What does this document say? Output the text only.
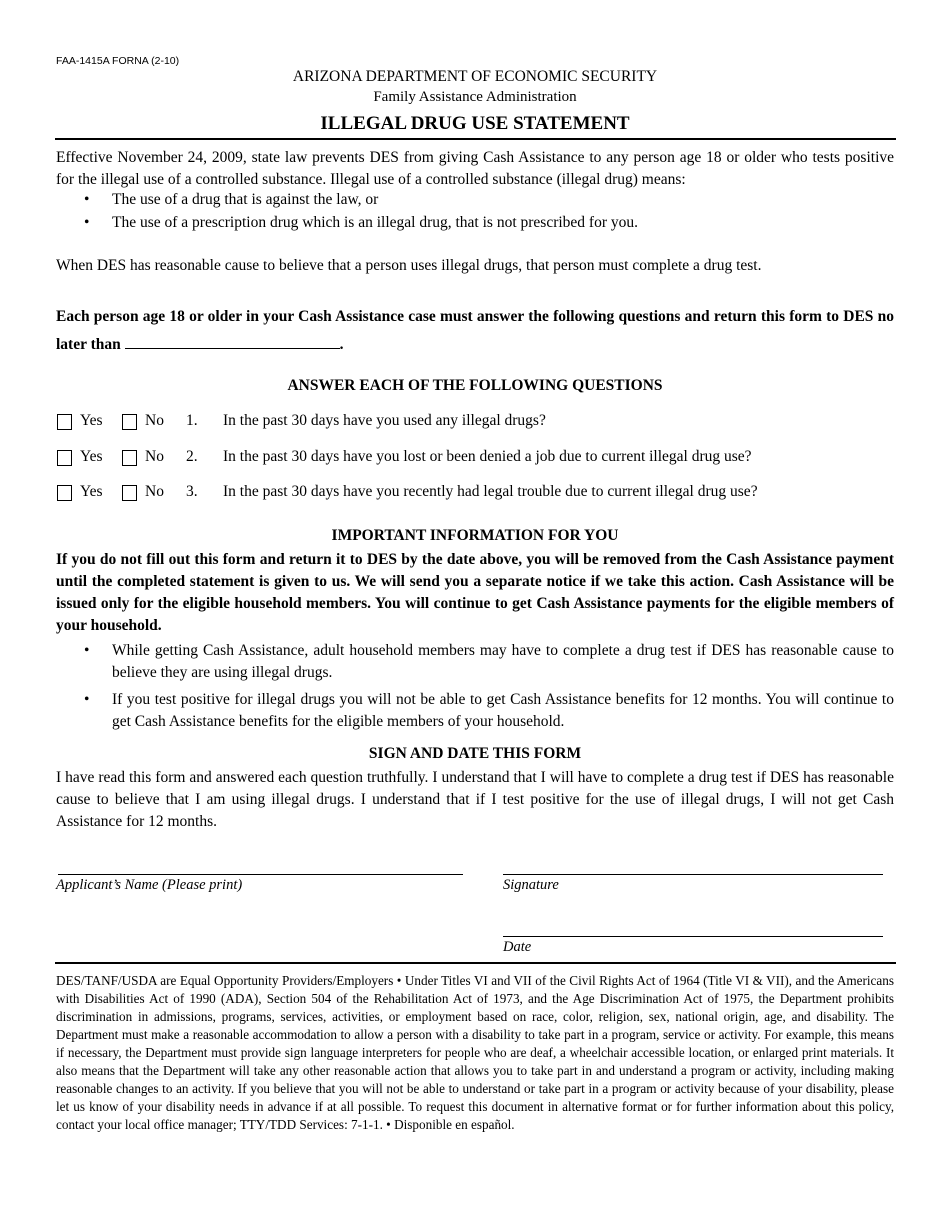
FAA-1415A FORNA (2-10)
ARIZONA DEPARTMENT OF ECONOMIC SECURITY
Family Assistance Administration
ILLEGAL DRUG USE STATEMENT
Effective November 24, 2009, state law prevents DES from giving Cash Assistance to any person age 18 or older who tests positive for the illegal use of a controlled substance. Illegal use of a controlled substance (illegal drug) means:
• The use of a drug that is against the law, or
• The use of a prescription drug which is an illegal drug, that is not prescribed for you.
When DES has reasonable cause to believe that a person uses illegal drugs, that person must complete a drug test.
Each person age 18 or older in your Cash Assistance case must answer the following questions and return this form to DES no later than	.
ANSWER EACH OF THE FOLLOWING QUESTIONS
Yes	No 1. In the past 30 days have you used any illegal drugs?
Yes	No 2. In the past 30 days have you lost or been denied a job due to current illegal drug use?
Yes	No 3. In the past 30 days have you recently had legal trouble due to current illegal drug use?
IMPORTANT INFORMATION FOR YOU
If you do not fill out this form and return it to DES by the date above, you will be removed from the Cash Assistance payment until the completed statement is given to us. We will send you a separate notice if we take this action. Cash Assistance will be issued only for the eligible household members. You will continue to get Cash Assistance payments for the eligible members of your household.
• While getting Cash Assistance, adult household members may have to complete a drug test if DES has reasonable cause to believe they are using illegal drugs.
• If you test positive for illegal drugs you will not be able to get Cash Assistance benefits for 12 months. You will continue to get Cash Assistance benefits for the eligible members of your household.
SIGN AND DATE THIS FORM
I have read this form and answered each question truthfully. I understand that I will have to complete a drug test if DES has reasonable cause to believe that I am using illegal drugs. I understand that if I test positive for the use of illegal drugs, I will not get Cash Assistance for 12 months.
Applicant’s Name (Please print)	Signature
Date
DES/TANF/USDA are Equal Opportunity Providers/Employers • Under Titles VI and VII of the Civil Rights Act of 1964 (Title VI & VII), and the Americans with Disabilities Act of 1990 (ADA), Section 504 of the Rehabilitation Act of 1973, and the Age Discrimination Act of 1975, the Department prohibits discrimination in admissions, programs, services, activities, or employment based on race, color, religion, sex, national origin, age, and disability. The Department must make a reasonable accommodation to allow a person with a disability to take part in a program, service or activity. For example, this means if necessary, the Department must provide sign language interpreters for people who are deaf, a wheelchair accessible location, or enlarged print materials. It also means that the Department will take any other reasonable action that allows you to take part in and understand a program or activity, including making reasonable changes to an activity. If you believe that you will not be able to understand or take part in a program or activity because of your disability, please let us know of your disability needs in advance if at all possible. To request this document in alternative format or for further information about this policy, contact your local office manager; TTY/TDD Services: 7-1-1. • Disponible en español.
